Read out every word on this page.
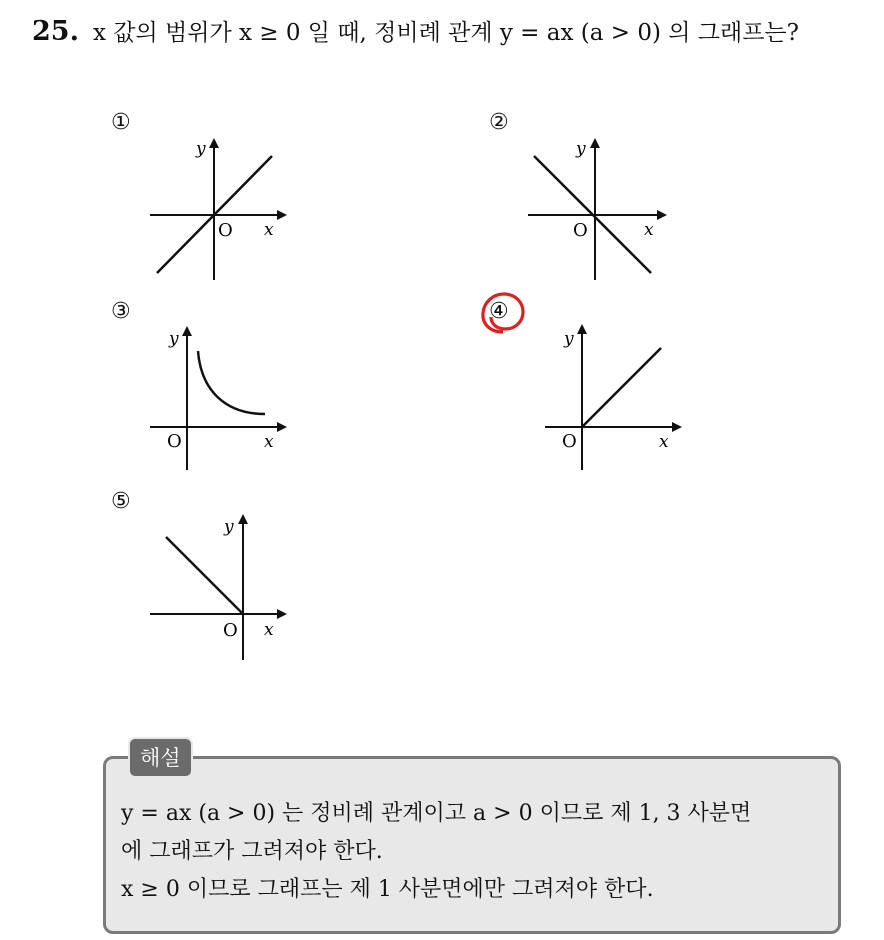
25. x 값의 범위가 x ≥ 0 일 때, 정비례 관계 y = ax (a > 0) 의 그래프는?
①
y
x
O
②
y
x
O
③
y
x
O
④
y
x
O
⑤
y
x
O
해설
y = ax (a > 0) 는 정비례 관계이고 a > 0 이므로 제 1, 3 사분면
에 그래프가 그려져야 한다.
x ≥ 0 이므로 그래프는 제 1 사분면에만 그려져야 한다.
